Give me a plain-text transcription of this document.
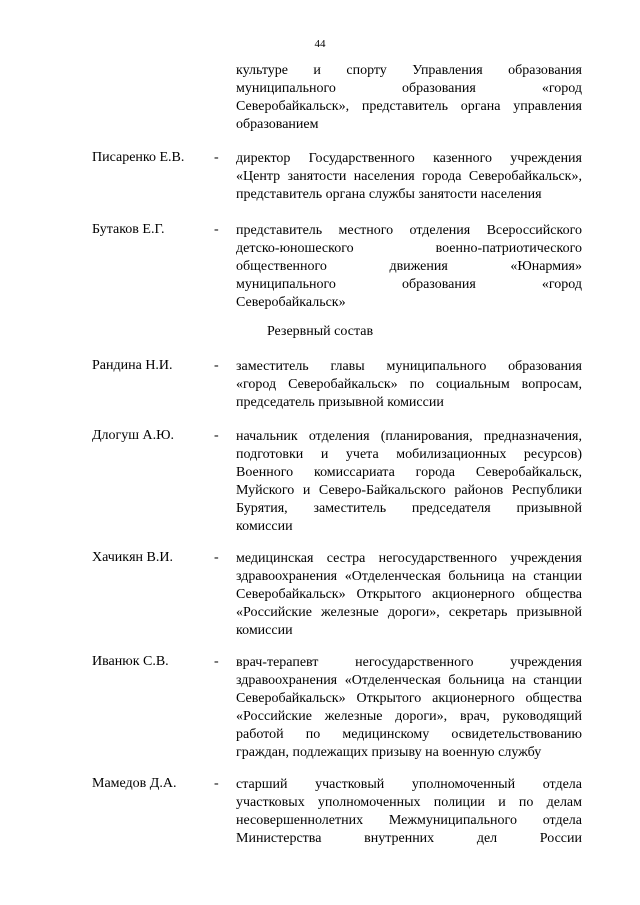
44
культуре и спорту Управления образования
муниципального образования «город
Северобайкальск», представитель органа управления
образованием
Писаренко Е.В. - директор Государственного казенного учреждения
«Центр занятости населения города Северобайкальск»,
представитель органа службы занятости населения
Бутаков Е.Г.	- представитель местного отделения Всероссийского
детско-юношеского военно-патриотического
общественного движения «Юнармия»
муниципального образования «город
Северобайкальск»
Резервный состав
Рандина Н.И.	- заместитель главы муниципального образования
«город Северобайкальск» по социальным вопросам,
председатель призывной комиссии
Длогуш А.Ю.	- начальник отделения (планирования, предназначения,
подготовки и учета мобилизационных ресурсов)
Военного комиссариата города Северобайкальск,
Муйского и Северо-Байкальского районов Республики
Бурятия, заместитель председателя призывной
комиссии
Хачикян В.И.	- медицинская сестра негосударственного учреждения
здравоохранения «Отделенческая больница на станции
Северобайкальск» Открытого акционерного общества
«Российские железные дороги», секретарь призывной
комиссии
Иванюк С.В.	- врач-терапевт негосударственного учреждения
здравоохранения «Отделенческая больница на станции
Северобайкальск» Открытого акционерного общества
«Российские железные дороги», врач, руководящий
работой по медицинскому освидетельствованию
граждан, подлежащих призыву на военную службу
Мамедов Д.А.	- старший участковый уполномоченный отдела
участковых уполномоченных полиции и по делам
несовершеннолетних Межмуниципального отдела
Министерства внутренних дел России
